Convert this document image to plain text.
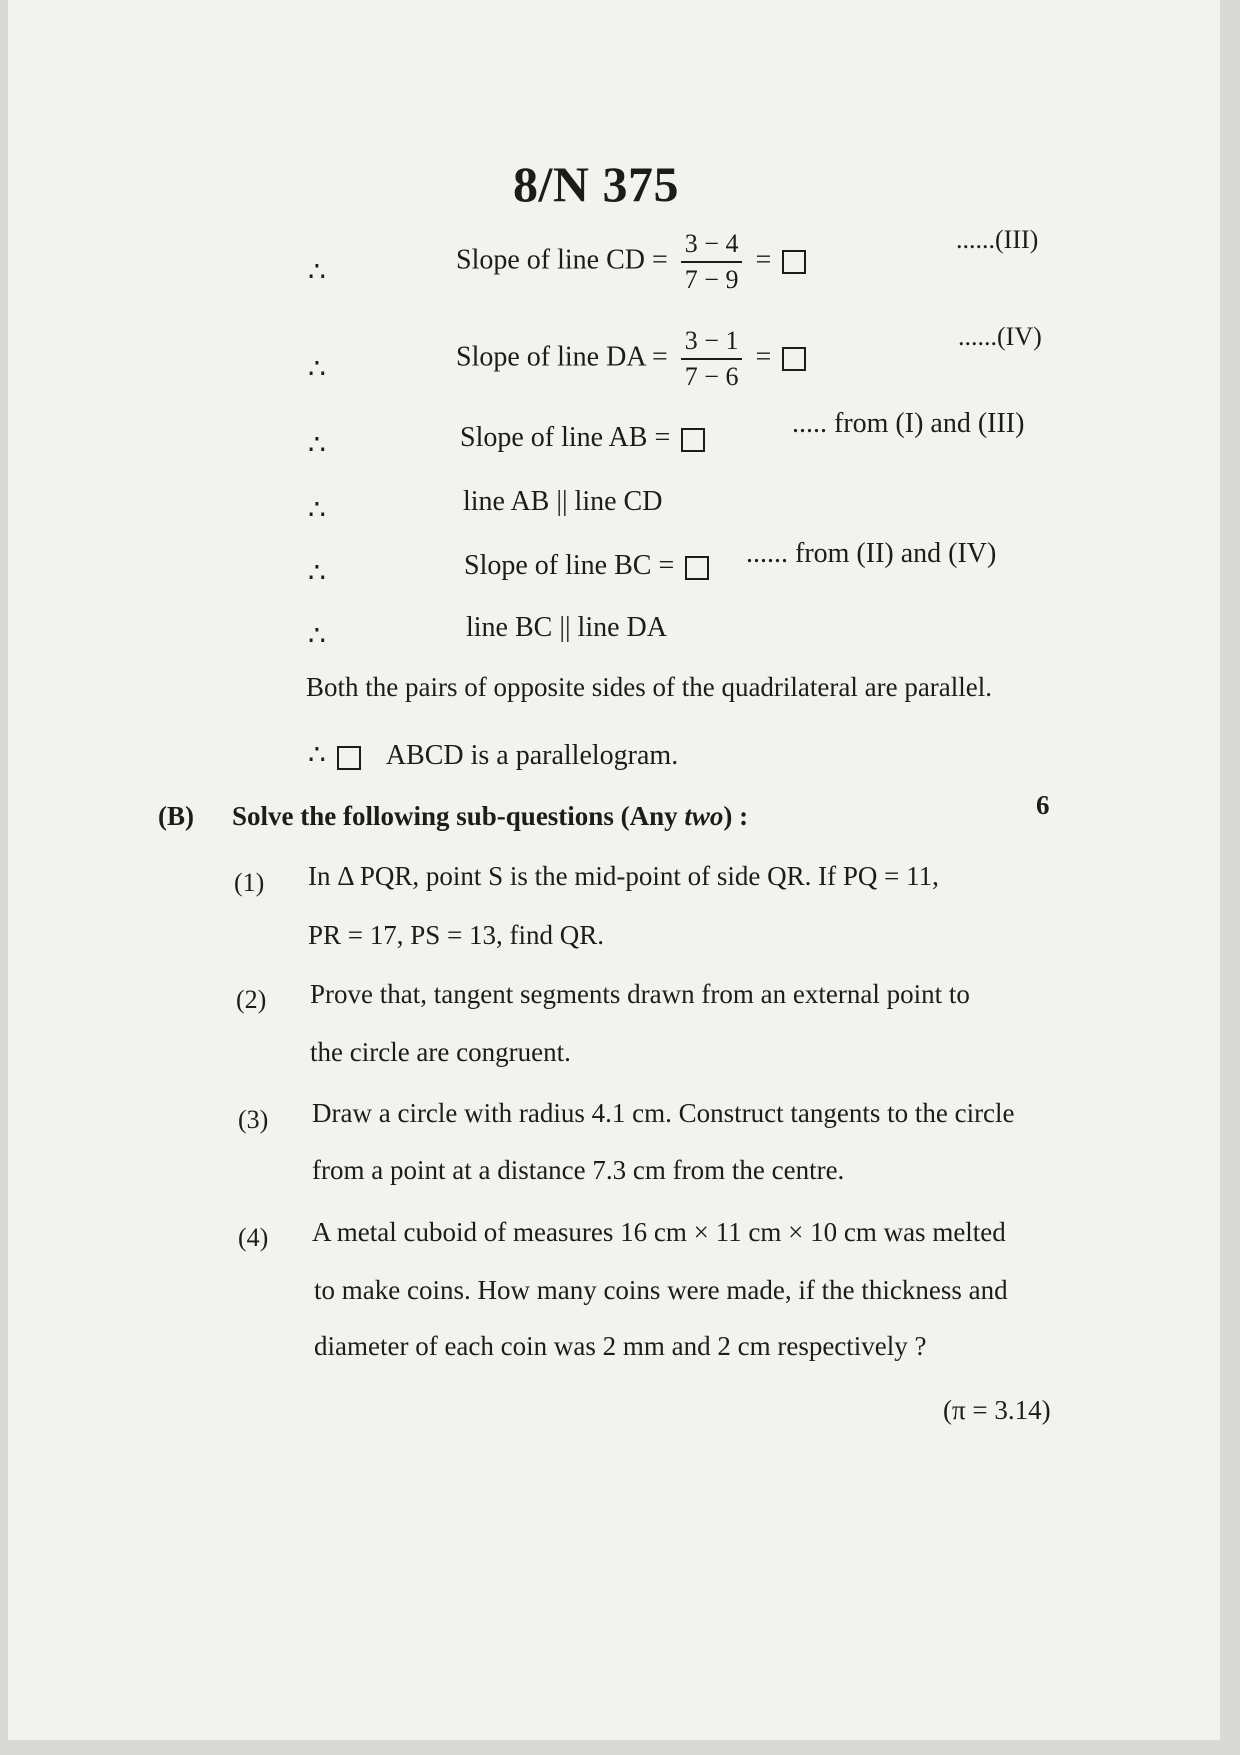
8/N 375
∴	Slope of line CD = $\frac{3 - 4}{7 - 9}$ =
......(III)
∴	Slope of line DA = $\frac{3 - 1}{7 - 6}$ =
......(IV)
∴	Slope of line AB =	..... from (I) and (III)
∴	line AB || line CD
∴	Slope of line BC =	...... from (II) and (IV)
∴	line BC || line DA
Both the pairs of opposite sides of the quadrilateral are parallel.
∴ ABCD is a parallelogram.
(B) Solve the following sub-questions (Any two) :	6
(1) In Δ PQR, point S is the mid-point of side QR. If PQ = 11,
PR = 17, PS = 13, find QR.
(2) Prove that, tangent segments drawn from an external point to
the circle are congruent.
(3) Draw a circle with radius 4.1 cm. Construct tangents to the circle
from a point at a distance 7.3 cm from the centre.
(4) A metal cuboid of measures 16 cm × 11 cm × 10 cm was melted
to make coins. How many coins were made, if the thickness and
diameter of each coin was 2 mm and 2 cm respectively ?
(π = 3.14)
